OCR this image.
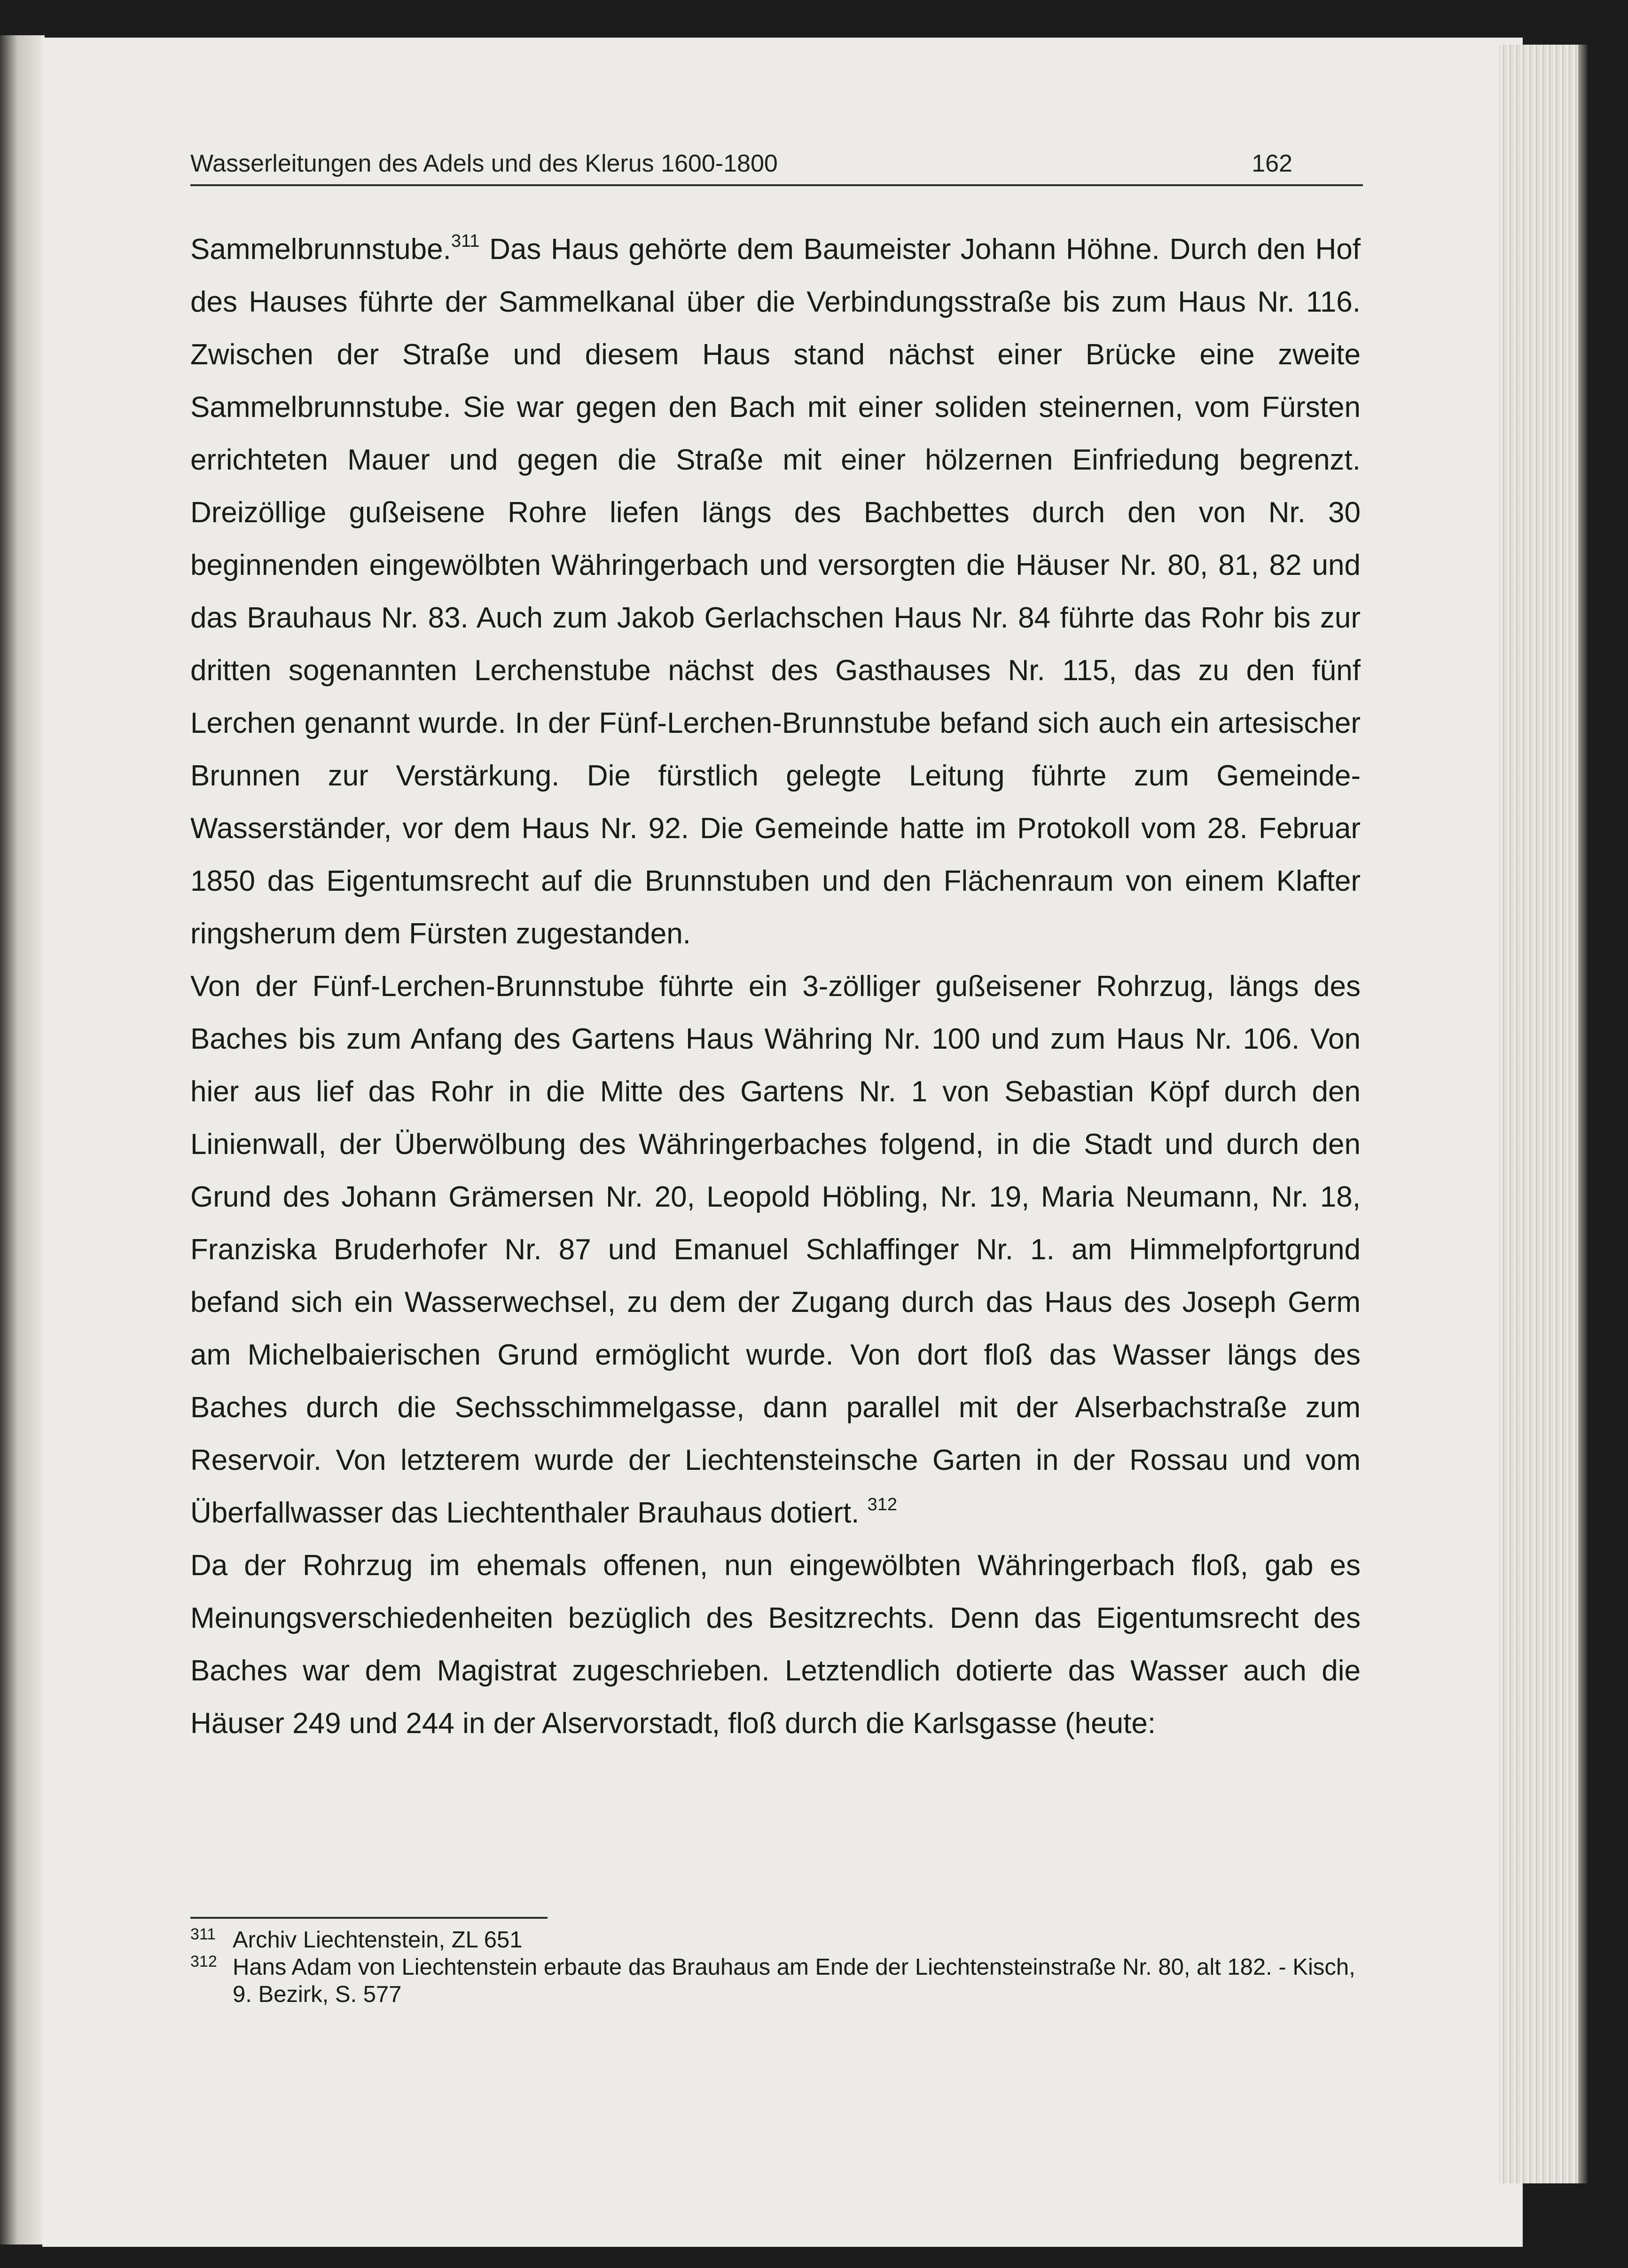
Wasserleitungen des Adels und des Klerus 1600-1800	162

Sammelbrunnstube.$^{311}$ Das Haus gehörte dem Baumeister Johann Höhne. Durch den Hof des Hauses führte der Sammelkanal über die Verbindungsstraße bis zum Haus Nr. 116. Zwischen der Straße und diesem Haus stand nächst einer Brücke eine zweite Sammelbrunnstube. Sie war gegen den Bach mit einer soliden steinernen, vom Fürsten errichteten Mauer und gegen die Straße mit einer hölzernen Einfriedung begrenzt. Dreizöllige gußeisene Rohre liefen längs des Bachbettes durch den von Nr. 30 beginnenden eingewölbten Währingerbach und versorgten die Häuser Nr. 80, 81, 82 und das Brauhaus Nr. 83. Auch zum Jakob Gerlachschen Haus Nr. 84 führte das Rohr bis zur dritten sogenannten Lerchenstube nächst des Gasthauses Nr. 115, das zu den fünf Lerchen genannt wurde. In der Fünf-Lerchen-Brunnstube befand sich auch ein artesischer Brunnen zur Verstärkung. Die fürstlich gelegte Leitung führte zum Gemeinde-Wasserständer, vor dem Haus Nr. 92. Die Gemeinde hatte im Protokoll vom 28. Februar 1850 das Eigentumsrecht auf die Brunnstuben und den Flächenraum von einem Klafter ringsherum dem Fürsten zugestanden.

Von der Fünf-Lerchen-Brunnstube führte ein 3-zölliger gußeisener Rohrzug, längs des Baches bis zum Anfang des Gartens Haus Währing Nr. 100 und zum Haus Nr. 106. Von hier aus lief das Rohr in die Mitte des Gartens Nr. 1 von Sebastian Köpf durch den Linienwall, der Überwölbung des Währingerbaches folgend, in die Stadt und durch den Grund des Johann Grämersen Nr. 20, Leopold Höbling, Nr. 19, Maria Neumann, Nr. 18, Franziska Bruderhofer Nr. 87 und Emanuel Schlaffinger Nr. 1. am Himmelpfortgrund befand sich ein Wasserwechsel, zu dem der Zugang durch das Haus des Joseph Germ am Michelbaierischen Grund ermöglicht wurde. Von dort floß das Wasser längs des Baches durch die Sechsschimmelgasse, dann parallel mit der Alserbachstraße zum Reservoir. Von letzterem wurde der Liechtensteinsche Garten in der Rossau und vom Überfallwasser das Liechtenthaler Brauhaus dotiert. $^{312}$

Da der Rohrzug im ehemals offenen, nun eingewölbten Währingerbach floß, gab es Meinungsverschiedenheiten bezüglich des Besitzrechts. Denn das Eigentumsrecht des Baches war dem Magistrat zugeschrieben. Letztendlich dotierte das Wasser auch die Häuser 249 und 244 in der Alservorstadt, floß durch die Karlsgasse (heute:

311 Archiv Liechtenstein, ZL 651
312 Hans Adam von Liechtenstein erbaute das Brauhaus am Ende der Liechtensteinstraße Nr. 80, alt 182. - Kisch, 9. Bezirk, S. 577
